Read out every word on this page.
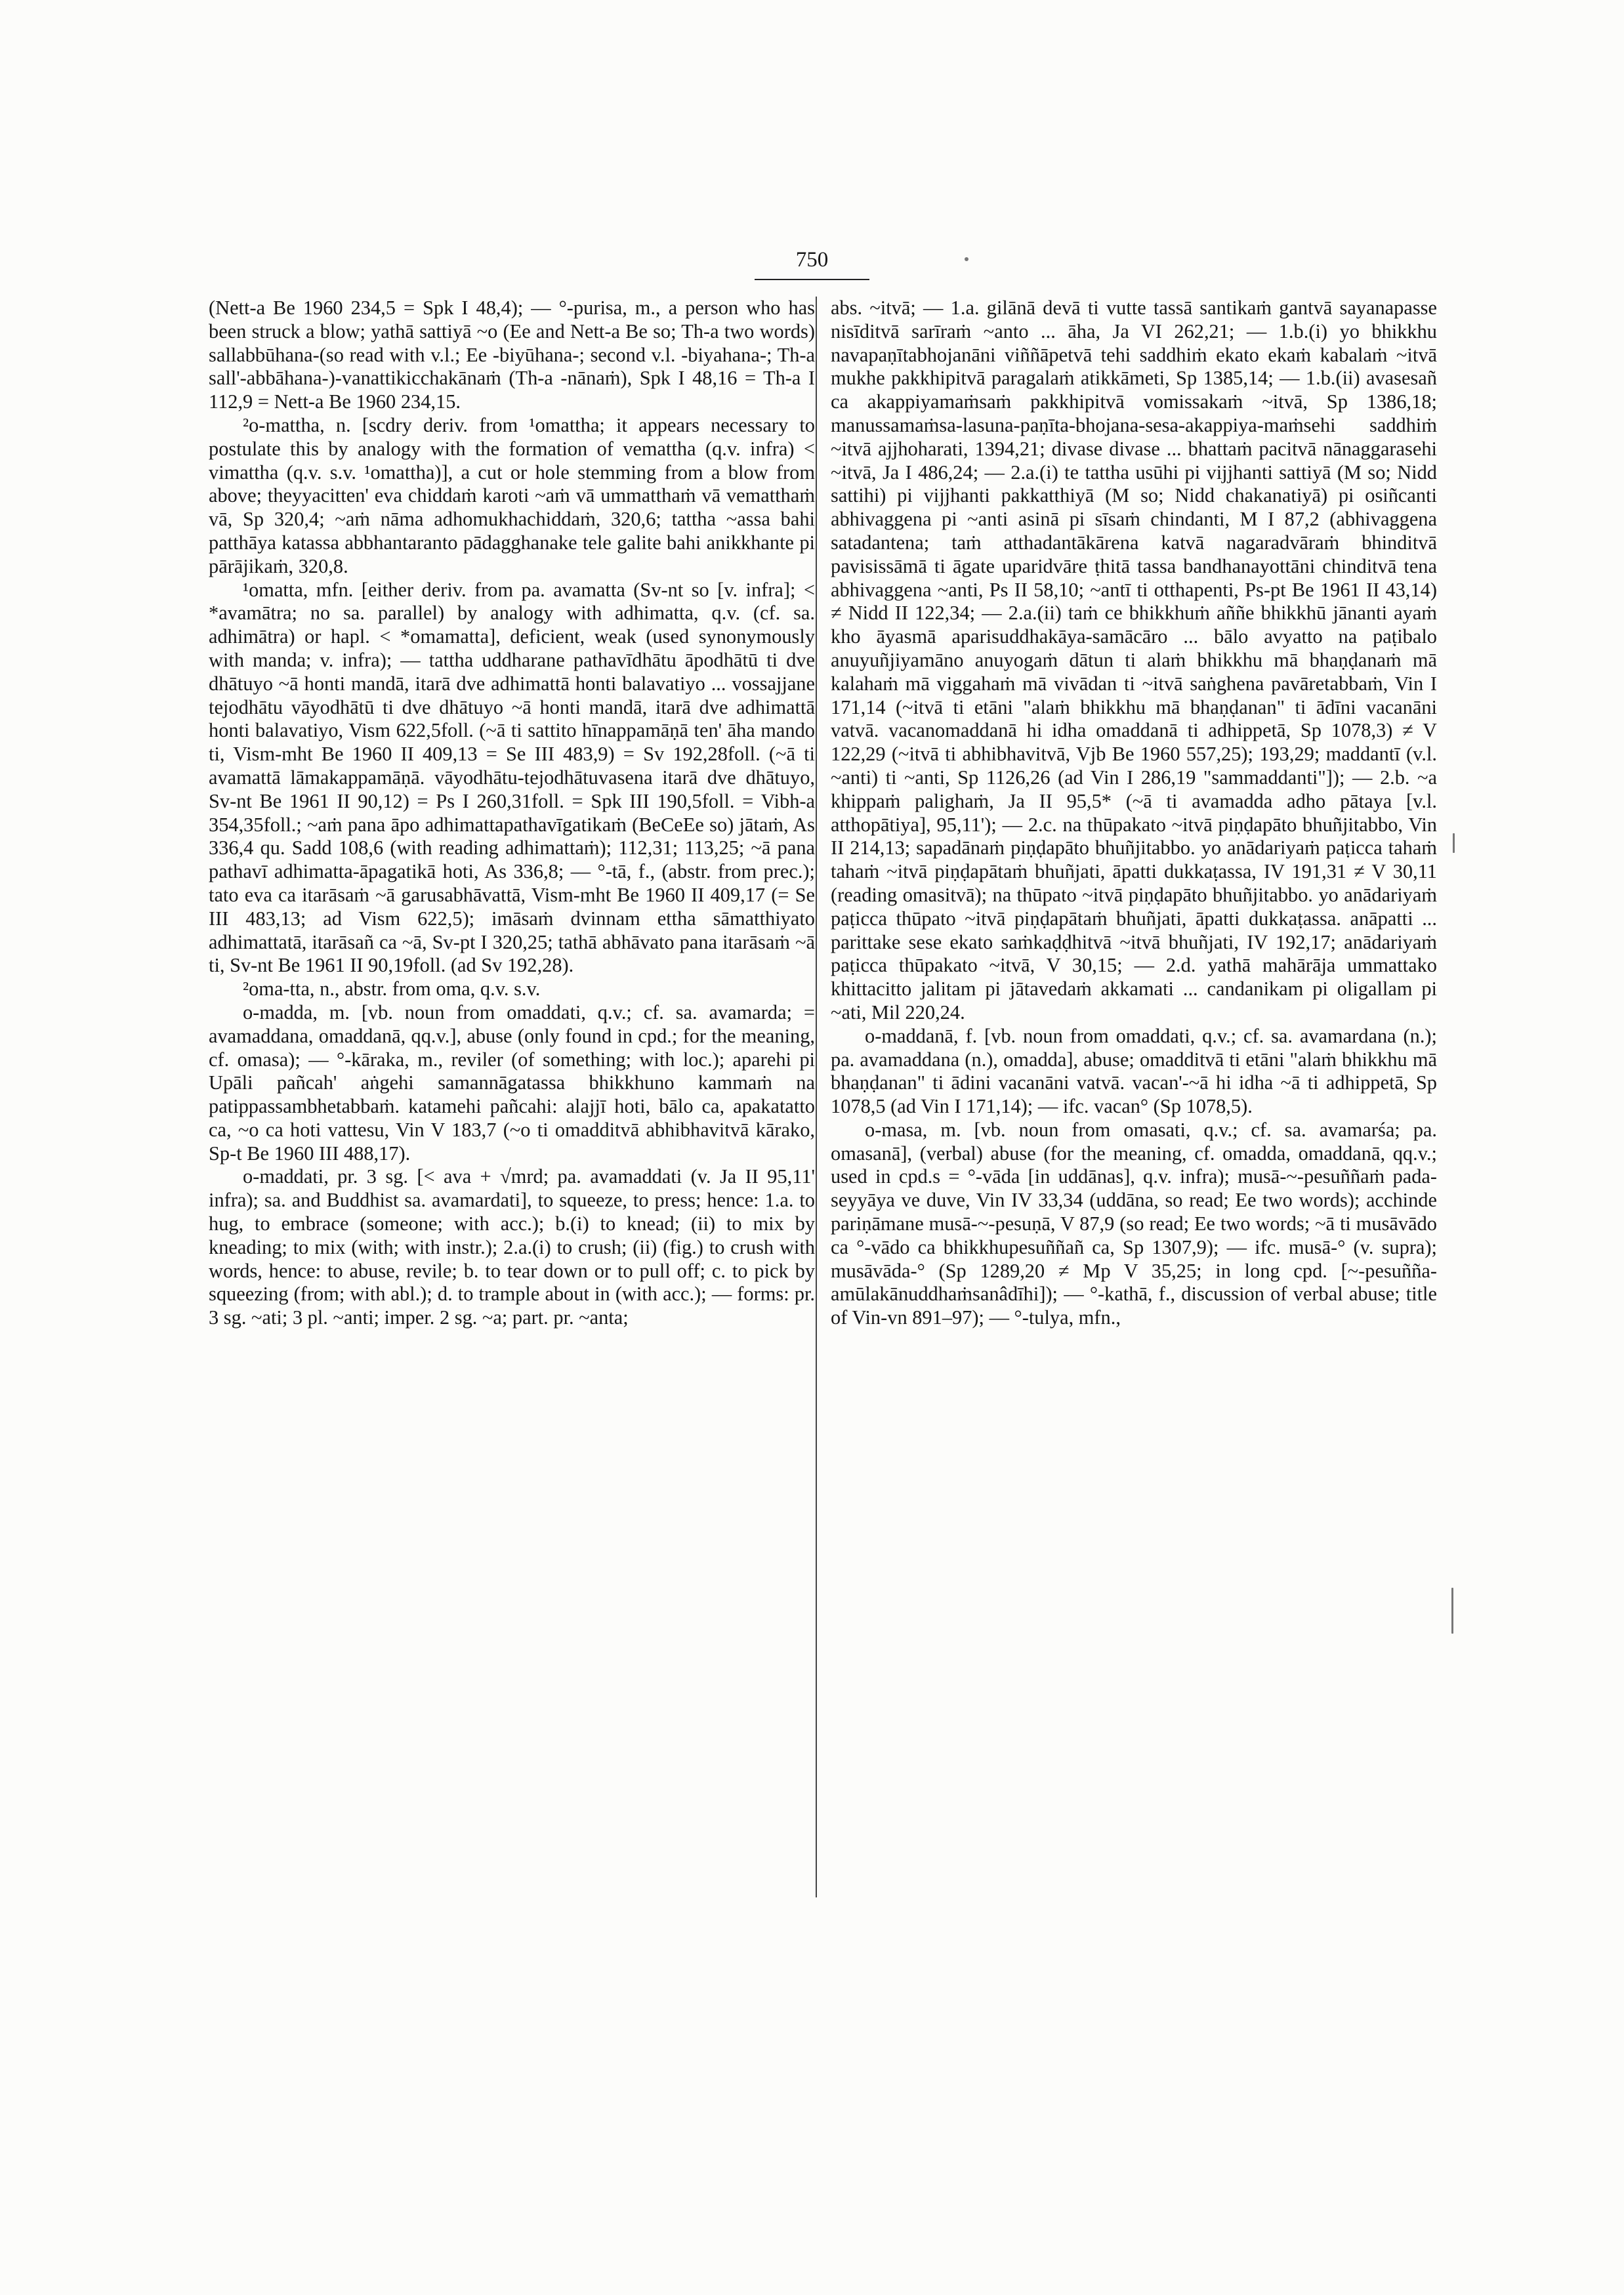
750

(Nett-a Be 1960 234,5 = Spk I 48,4); — °-purisa, m., a person who has been struck a blow; yathā sattiyā ~o (Ee and Nett-a Be so; Th-a two words) sallabbūhana-(so read with v.l.; Ee -biyūhana-; second v.l. -biyahana-; Th-a sall'-abbāhana-)-vanattikicchakānaṁ (Th-a -nānaṁ), Spk I 48,16 = Th-a I 112,9 = Nett-a Be 1960 234,15.

²o-mattha, n. [scdry deriv. from ¹omattha; it appears necessary to postulate this by analogy with the formation of vemattha (q.v. infra) < vimattha (q.v. s.v. ¹omattha)], a cut or hole stemming from a blow from above; theyyacitten' eva chiddaṁ karoti ~aṁ vā ummatthaṁ vā vematthaṁ vā, Sp 320,4; ~aṁ nāma adhomukhachiddaṁ, 320,6; tattha ~assa bahi patthāya katassa abbhantaranto pādagghanake tele galite bahi anikkhante pi pārājikaṁ, 320,8.

¹omatta, mfn. [either deriv. from pa. avamatta (Sv-nt so [v. infra]; < *avamātra; no sa. parallel) by analogy with adhimatta, q.v. (cf. sa. adhimātra) or hapl. < *omamatta], deficient, weak (used synonymously with manda; v. infra); — tattha uddharane pathavīdhātu āpodhātū ti dve dhātuyo ~ā honti mandā, itarā dve adhimattā honti balavatiyo ... vossajjane tejodhātu vāyodhātū ti dve dhātuyo ~ā honti mandā, itarā dve adhimattā honti balavatiyo, Vism 622,5foll. (~ā ti sattito hīnappamāṇā ten' āha mando ti, Vism-mht Be 1960 II 409,13 = Se III 483,9) = Sv 192,28foll. (~ā ti avamattā lāmakappamāṇā. vāyodhātu-tejodhātuvasena itarā dve dhātuyo, Sv-nt Be 1961 II 90,12) = Ps I 260,31foll. = Spk III 190,5foll. = Vibh-a 354,35foll.; ~aṁ pana āpo adhimattapathavīgatikaṁ (BeCeEe so) jātaṁ, As 336,4 qu. Sadd 108,6 (with reading adhimattaṁ); 112,31; 113,25; ~ā pana pathavī adhimatta-āpagatikā hoti, As 336,8; — °-tā, f., (abstr. from prec.); tato eva ca itarāsaṁ ~ā garusabhāvattā, Vism-mht Be 1960 II 409,17 (= Se III 483,13; ad Vism 622,5); imāsaṁ dvinnam ettha sāmatthiyato adhimattatā, itarāsañ ca ~ā, Sv-pt I 320,25; tathā abhāvato pana itarāsaṁ ~ā ti, Sv-nt Be 1961 II 90,19foll. (ad Sv 192,28).

²oma-tta, n., abstr. from oma, q.v. s.v.

o-madda, m. [vb. noun from omaddati, q.v.; cf. sa. avamarda; = avamaddana, omaddanā, qq.v.], abuse (only found in cpd.; for the meaning, cf. omasa); — °-kāraka, m., reviler (of something; with loc.); aparehi pi Upāli pañcah' aṅgehi samannāgatassa bhikkhuno kammaṁ na patippassambhetabbaṁ. katamehi pañcahi: alajjī hoti, bālo ca, apakatatto ca, ~o ca hoti vattesu, Vin V 183,7 (~o ti omadditvā abhibhavitvā kārako, Sp-t Be 1960 III 488,17).

o-maddati, pr. 3 sg. [< ava + √mrd; pa. avamaddati (v. Ja II 95,11' infra); sa. and Buddhist sa. avamardati], to squeeze, to press; hence: 1.a. to hug, to embrace (someone; with acc.); b.(i) to knead; (ii) to mix by kneading; to mix (with; with instr.); 2.a.(i) to crush; (ii) (fig.) to crush with words, hence: to abuse, revile; b. to tear down or to pull off; c. to pick by squeezing (from; with abl.); d. to trample about in (with acc.); — forms: pr. 3 sg. ~ati; 3 pl. ~anti; imper. 2 sg. ~a; part. pr. ~anta;

abs. ~itvā; — 1.a. gilānā devā ti vutte tassā santikaṁ gantvā sayanapasse nisīditvā sarīraṁ ~anto ... āha, Ja VI 262,21; — 1.b.(i) yo bhikkhu navapaṇītabhojanāni viññāpetvā tehi saddhiṁ ekato ekaṁ kabalaṁ ~itvā mukhe pakkhipitvā paragalaṁ atikkāmeti, Sp 1385,14; — 1.b.(ii) avasesañ ca akappiyamaṁsaṁ pakkhipitvā vomissakaṁ ~itvā, Sp 1386,18; manussamaṁsa-lasuna-paṇīta-bhojana-sesa-akappiya-maṁsehi saddhiṁ ~itvā ajjhoharati, 1394,21; divase divase ... bhattaṁ pacitvā nānaggarasehi ~itvā, Ja I 486,24; — 2.a.(i) te tattha usūhi pi vijjhanti sattiyā (M so; Nidd sattihi) pi vijjhanti pakkatthiyā (M so; Nidd chakanatiyā) pi osiñcanti abhivaggena pi ~anti asinā pi sīsaṁ chindanti, M I 87,2 (abhivaggena satadantena; taṁ atthadantākārena katvā nagaradvāraṁ bhinditvā pavisissāmā ti āgate uparidvāre ṭhitā tassa bandhanayottāni chinditvā tena abhivaggena ~anti, Ps II 58,10; ~antī ti otthapenti, Ps-pt Be 1961 II 43,14) ≠ Nidd II 122,34; — 2.a.(ii) taṁ ce bhikkhuṁ aññe bhikkhū jānanti ayaṁ kho āyasmā aparisuddhakāya-samācāro ... bālo avyatto na paṭibalo anuyuñjiyamāno anuyogaṁ dātun ti alaṁ bhikkhu mā bhaṇḍanaṁ mā kalahaṁ mā viggahaṁ mā vivādan ti ~itvā saṅghena pavāretabbaṁ, Vin I 171,14 (~itvā ti etāni "alaṁ bhikkhu mā bhaṇḍanan" ti ādīni vacanāni vatvā. vacanomaddanā hi idha omaddanā ti adhippetā, Sp 1078,3) ≠ V 122,29 (~itvā ti abhibhavitvā, Vjb Be 1960 557,25); 193,29; maddantī (v.l. ~anti) ti ~anti, Sp 1126,26 (ad Vin I 286,19 "sammaddanti"]); — 2.b. ~a khippaṁ palighaṁ, Ja II 95,5* (~ā ti avamadda adho pātaya [v.l. atthopātiya], 95,11'); — 2.c. na thūpakato ~itvā piṇḍapāto bhuñjitabbo, Vin II 214,13; sapadānaṁ piṇḍapāto bhuñjitabbo. yo anādariyaṁ paṭicca tahaṁ tahaṁ ~itvā piṇḍapātaṁ bhuñjati, āpatti dukkaṭassa, IV 191,31 ≠ V 30,11 (reading omasitvā); na thūpato ~itvā piṇḍapāto bhuñjitabbo. yo anādariyaṁ paṭicca thūpato ~itvā piṇḍapātaṁ bhuñjati, āpatti dukkaṭassa. anāpatti ... parittake sese ekato saṁkaḍḍhitvā ~itvā bhuñjati, IV 192,17; anādariyaṁ paṭicca thūpakato ~itvā, V 30,15; — 2.d. yathā mahārāja ummattako khittacitto jalitam pi jātavedaṁ akkamati ... candanikam pi oligallam pi ~ati, Mil 220,24.

o-maddanā, f. [vb. noun from omaddati, q.v.; cf. sa. avamardana (n.); pa. avamaddana (n.), omadda], abuse; omadditvā ti etāni "alaṁ bhikkhu mā bhaṇḍanan" ti ādini vacanāni vatvā. vacan'-~ā hi idha ~ā ti adhippetā, Sp 1078,5 (ad Vin I 171,14); — ifc. vacan° (Sp 1078,5).

o-masa, m. [vb. noun from omasati, q.v.; cf. sa. avamarśa; pa. omasanā], (verbal) abuse (for the meaning, cf. omadda, omaddanā, qq.v.; used in cpd.s = °-vāda [in uddānas], q.v. infra); musā-~-pesuññaṁ pada-seyyāya ve duve, Vin IV 33,34 (uddāna, so read; Ee two words); acchinde pariṇāmane musā-~-pesuṇā, V 87,9 (so read; Ee two words; ~ā ti musāvādo ca °-vādo ca bhikkhupesuññañ ca, Sp 1307,9); — ifc. musā-° (v. supra); musāvāda-° (Sp 1289,20 ≠ Mp V 35,25; in long cpd. [~-pesuñña-amūlakānuddhaṁsanâdīhi]); — °-kathā, f., discussion of verbal abuse; title of Vin-vn 891–97); — °-tulya, mfn.,
